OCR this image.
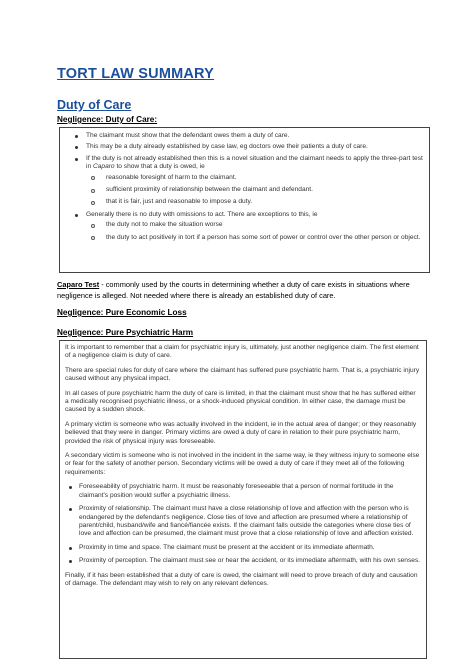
TORT LAW SUMMARY
Duty of Care
Negligence: Duty of Care:
The claimant must show that the defendant owes them a duty of care.
This may be a duty already established by case law, eg doctors owe their patients a duty of care.
If the duty is not already established then this is a novel situation and the claimant needs to apply the three-part test in Caparo to show that a duty is owed, ie
reasonable foresight of harm to the claimant.
sufficient proximity of relationship between the claimant and defendant.
that it is fair, just and reasonable to impose a duty.
Generally there is no duty with omissions to act. There are exceptions to this, ie
the duty not to make the situation worse
the duty to act positively in tort if a person has some sort of power or control over the other person or object.
Caparo Test - commonly used by the courts in determining whether a duty of care exists in situations where negligence is alleged. Not needed where there is already an established duty of care.
Negligence: Pure Economic Loss
Negligence: Pure Psychiatric Harm

It is important to remember that a claim for psychiatric injury is, ultimately, just another negligence claim. The first element of a negligence claim is duty of care.

There are special rules for duty of care where the claimant has suffered pure psychiatric harm. That is, a psychiatric injury caused without any physical impact.

In all cases of pure psychiatric harm the duty of care is limited, in that the claimant must show that he has suffered either a medically recognised psychiatric illness, or a shock-induced physical condition. In either case, the damage must be caused by a sudden shock.

A primary victim is someone who was actually involved in the incident, ie in the actual area of danger; or they reasonably believed that they were in danger. Primary victims are owed a duty of care in relation to their pure psychiatric harm, provided the risk of physical injury was foreseeable.

A secondary victim is someone who is not involved in the incident in the same way, ie they witness injury to someone else or fear for the safety of another person. Secondary victims will be owed a duty of care if they meet all of the following requirements:

Foreseeability of psychiatric harm. It must be reasonably foreseeable that a person of normal fortitude in the claimant's position would suffer a psychiatric illness.
Proximity of relationship. The claimant must have a close relationship of love and affection with the person who is endangered by the defendant's negligence. Close ties of love and affection are presumed where a relationship of parent/child, husband/wife and fiancé/fiancée exists. If the claimant falls outside the categories where close ties of love and affection can be presumed, the claimant must prove that a close relationship of love and affection existed.
Proximity in time and space. The claimant must be present at the accident or its immediate aftermath.
Proximity of perception. The claimant must see or hear the accident, or its immediate aftermath, with his own senses.

Finally, if it has been established that a duty of care is owed, the claimant will need to prove breach of duty and causation of damage. The defendant may wish to rely on any relevant defences.
